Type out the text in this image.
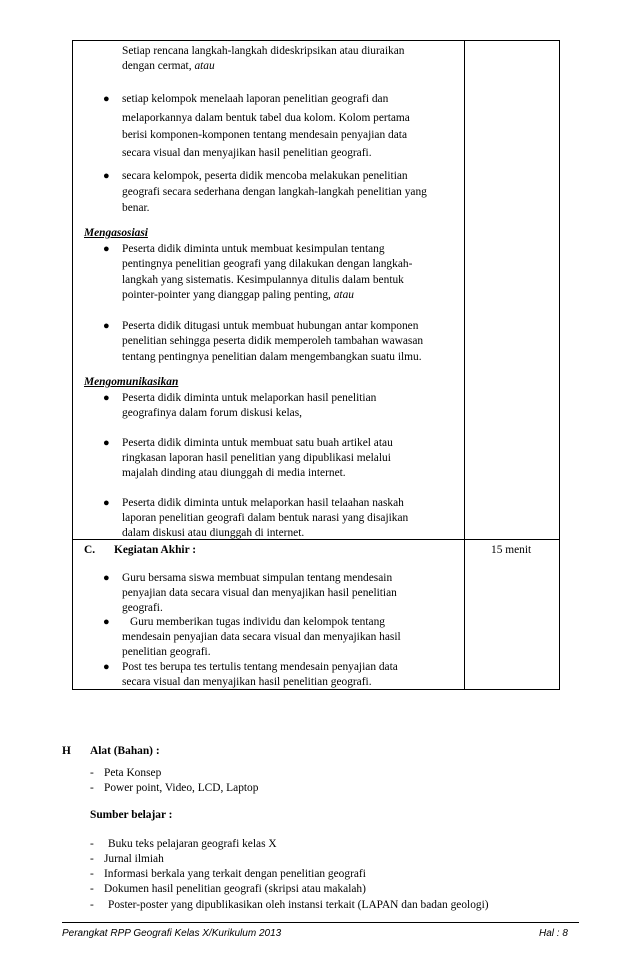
Setiap rencana langkah-langkah dideskripsikan atau diuraikan
dengan cermat, atau
● setiap kelompok menelaah laporan penelitian geografi dan
melaporkannya dalam bentuk tabel dua kolom. Kolom pertama
berisi komponen-komponen tentang mendesain penyajian data
secara visual dan menyajikan hasil penelitian geografi.
● secara kelompok, peserta didik mencoba melakukan penelitian
geografi secara sederhana dengan langkah-langkah penelitian yang
benar.
Mengasosiasi
● Peserta didik diminta untuk membuat kesimpulan tentang
pentingnya penelitian geografi yang dilakukan dengan langkah-
langkah yang sistematis. Kesimpulannya ditulis dalam bentuk
pointer-pointer yang dianggap paling penting, atau
● Peserta didik ditugasi untuk membuat hubungan antar komponen
penelitian sehingga peserta didik memperoleh tambahan wawasan
tentang pentingnya penelitian dalam mengembangkan suatu ilmu.
Mengomunikasikan
● Peserta didik diminta untuk melaporkan hasil penelitian
geografinya dalam forum diskusi kelas,
● Peserta didik diminta untuk membuat satu buah artikel atau
ringkasan laporan hasil penelitian yang dipublikasi melalui
majalah dinding atau diunggah di media internet.
● Peserta didik diminta untuk melaporkan hasil telaahan naskah
laporan penelitian geografi dalam bentuk narasi yang disajikan
dalam diskusi atau diunggah di internet.
C. Kegiatan Akhir :	15 menit
● Guru bersama siswa membuat simpulan tentang mendesain
penyajian data secara visual dan menyajikan hasil penelitian
geografi.
● Guru memberikan tugas individu dan kelompok tentang
mendesain penyajian data secara visual dan menyajikan hasil
penelitian geografi.
● Post tes berupa tes tertulis tentang mendesain penyajian data
secara visual dan menyajikan hasil penelitian geografi.
H Alat (Bahan) :
- Peta Konsep
- Power point, Video, LCD, Laptop
Sumber belajar :
- Buku teks pelajaran geografi kelas X
- Jurnal ilmiah
- Informasi berkala yang terkait dengan penelitian geografi
- Dokumen hasil penelitian geografi (skripsi atau makalah)
- Poster-poster yang dipublikasikan oleh instansi terkait (LAPAN dan badan geologi)
Perangkat RPP Geografi Kelas X/Kurikulum 2013	Hal : 8
